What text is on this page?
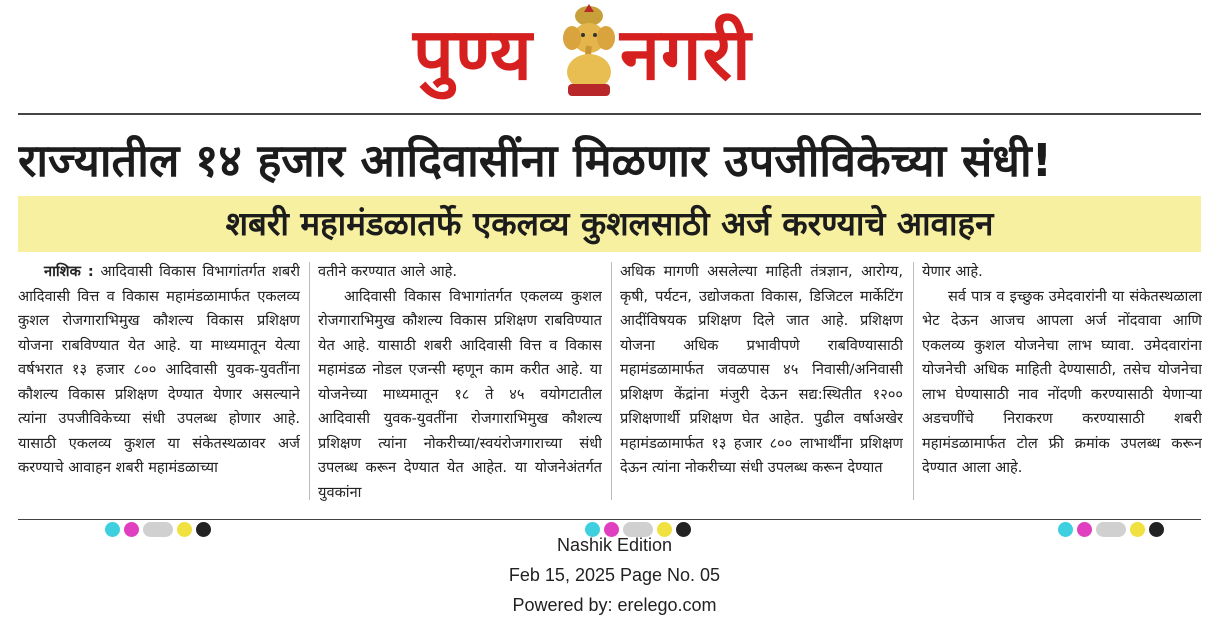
पुण्य नगरी
राज्यातील १४ हजार आदिवासींना मिळणार उपजीविकेच्या संधी!
शबरी महामंडळातर्फे एकलव्य कुशलसाठी अर्ज करण्याचे आवाहन

नाशिक : आदिवासी विकास विभागांतर्गत शबरी आदिवासी वित्त व विकास महामंडळामार्फत एकलव्य कुशल रोजगाराभिमुख कौशल्य विकास प्रशिक्षण योजना राबविण्यात येत आहे. या माध्यमातून येत्या वर्षभरात १३ हजार ८०० आदिवासी युवक-युवतींना कौशल्य विकास प्रशिक्षण देण्यात येणार असल्याने त्यांना उपजीविकेच्या संधी उपलब्ध होणार आहे. यासाठी एकलव्य कुशल या संकेतस्थळावर अर्ज करण्याचे आवाहन शबरी महामंडळाच्या

वतीने करण्यात आले आहे.

आदिवासी विकास विभागांतर्गत एकलव्य कुशल रोजगाराभिमुख कौशल्य विकास प्रशिक्षण राबविण्यात येत आहे. यासाठी शबरी आदिवासी वित्त व विकास महामंडळ नोडल एजन्सी म्हणून काम करीत आहे. या योजनेच्या माध्यमातून १८ ते ४५ वयोगटातील आदिवासी युवक-युवतींना रोजगाराभिमुख कौशल्य प्रशिक्षण त्यांना नोकरीच्या/स्वयंरोजगाराच्या संधी उपलब्ध करून देण्यात येत आहेत. या योजनेअंतर्गत युवकांना

अधिक मागणी असलेल्या माहिती तंत्रज्ञान, आरोग्य, कृषी, पर्यटन, उद्योजकता विकास, डिजिटल मार्केटिंग आदींविषयक प्रशिक्षण दिले जात आहे. प्रशिक्षण योजना अधिक प्रभावीपणे राबविण्यासाठी महामंडळामार्फत जवळपास ४५ निवासी/अनिवासी प्रशिक्षण केंद्रांना मंजुरी देऊन सद्य:स्थितीत १२०० प्रशिक्षणार्थी प्रशिक्षण घेत आहेत. पुढील वर्षाअखेर महामंडळामार्फत १३ हजार ८०० लाभार्थींना प्रशिक्षण देऊन त्यांना नोकरीच्या संधी उपलब्ध करून देण्यात

येणार आहे.

सर्व पात्र व इच्छुक उमेदवारांनी या संकेतस्थळाला भेट देऊन आजच आपला अर्ज नोंदवावा आणि एकलव्य कुशल योजनेचा लाभ घ्यावा. उमेदवारांना योजनेची अधिक माहिती देण्यासाठी, तसेच योजनेचा लाभ घेण्यासाठी नाव नोंदणी करण्यासाठी येणाऱ्या अडचणींचे निराकरण करण्यासाठी शबरी महामंडळामार्फत टोल फ्री क्रमांक उपलब्ध करून देण्यात आला आहे.

Nashik Edition
Feb 15, 2025 Page No. 05
Powered by: erelego.com
